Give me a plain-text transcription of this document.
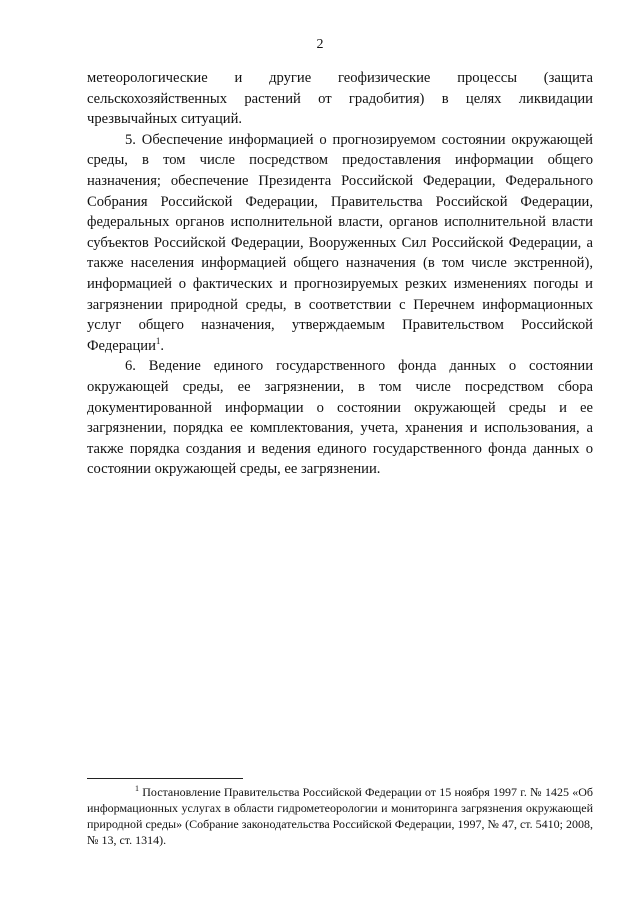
2

метеорологические и другие геофизические процессы (защита сельскохозяйственных растений от градобития) в целях ликвидации чрезвычайных ситуаций.

5. Обеспечение информацией о прогнозируемом состоянии окружающей среды, в том числе посредством предоставления информации общего назначения; обеспечение Президента Российской Федерации, Федерального Собрания Российской Федерации, Правительства Российской Федерации, федеральных органов исполнительной власти, органов исполнительной власти субъектов Российской Федерации, Вооруженных Сил Российской Федерации, а также населения информацией общего назначения (в том числе экстренной), информацией о фактических и прогнозируемых резких изменениях погоды и загрязнении природной среды, в соответствии с Перечнем информационных услуг общего назначения, утверждаемым Правительством Российской Федерации$^1$.

6. Ведение единого государственного фонда данных о состоянии окружающей среды, ее загрязнении, в том числе посредством сбора документированной информации о состоянии окружающей среды и ее загрязнении, порядка ее комплектования, учета, хранения и использования, а также порядка создания и ведения единого государственного фонда данных о состоянии окружающей среды, ее загрязнении.

$^1$ Постановление Правительства Российской Федерации от 15 ноября 1997 г. № 1425 «Об информационных услугах в области гидрометеорологии и мониторинга загрязнения окружающей природной среды» (Собрание законодательства Российской Федерации, 1997, № 47, ст. 5410; 2008, № 13, ст. 1314).
